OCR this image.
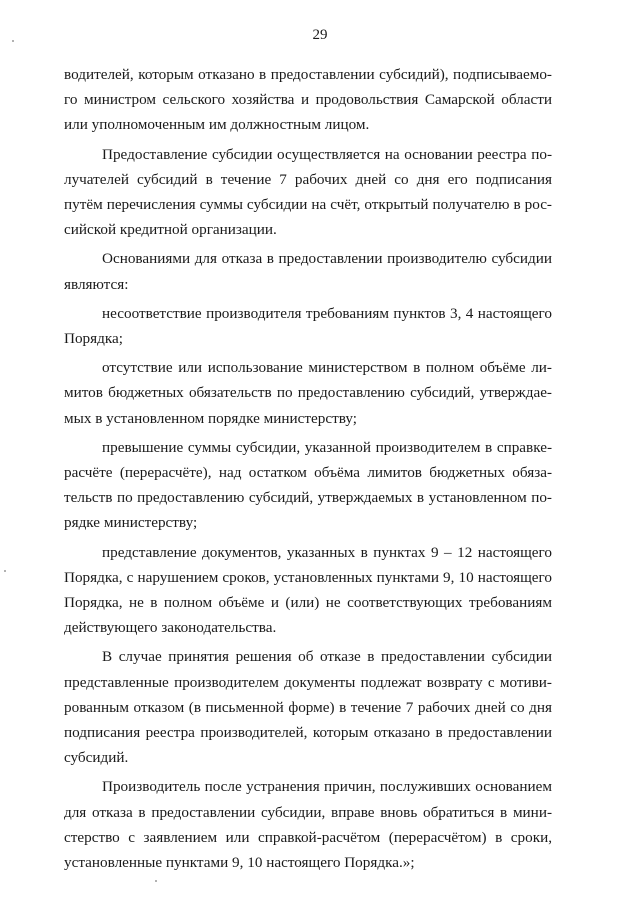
29
водителей, которым отказано в предоставлении субсидий), подписываемо-
го министром сельского хозяйства и продовольствия Самарской области
или уполномоченным им должностным лицом.
Предоставление субсидии осуществляется на основании реестра по-
лучателей субсидий в течение 7 рабочих дней со дня его подписания
путём перечисления суммы субсидии на счёт, открытый получателю в рос-
сийской кредитной организации.
Основаниями для отказа в предоставлении производителю субсидии
являются:
несоответствие производителя требованиям пунктов 3, 4 настоящего
Порядка;
отсутствие или использование министерством в полном объёме ли-
митов бюджетных обязательств по предоставлению субсидий, утверждае-
мых в установленном порядке министерству;
превышение суммы субсидии, указанной производителем в справке-
расчёте (перерасчёте), над остатком объёма лимитов бюджетных обяза-
тельств по предоставлению субсидий, утверждаемых в установленном по-
рядке министерству;
представление документов, указанных в пунктах 9 – 12 настоящего
Порядка, с нарушением сроков, установленных пунктами 9, 10 настоящего
Порядка, не в полном объёме и (или) не соответствующих требованиям
действующего законодательства.
В случае принятия решения об отказе в предоставлении субсидии
представленные производителем документы подлежат возврату с мотиви-
рованным отказом (в письменной форме) в течение 7 рабочих дней со дня
подписания реестра производителей, которым отказано в предоставлении
субсидий.
Производитель после устранения причин, послуживших основанием
для отказа в предоставлении субсидии, вправе вновь обратиться в мини-
стерство с заявлением или справкой-расчётом (перерасчётом) в сроки,
установленные пунктами 9, 10 настоящего Порядка.»;
